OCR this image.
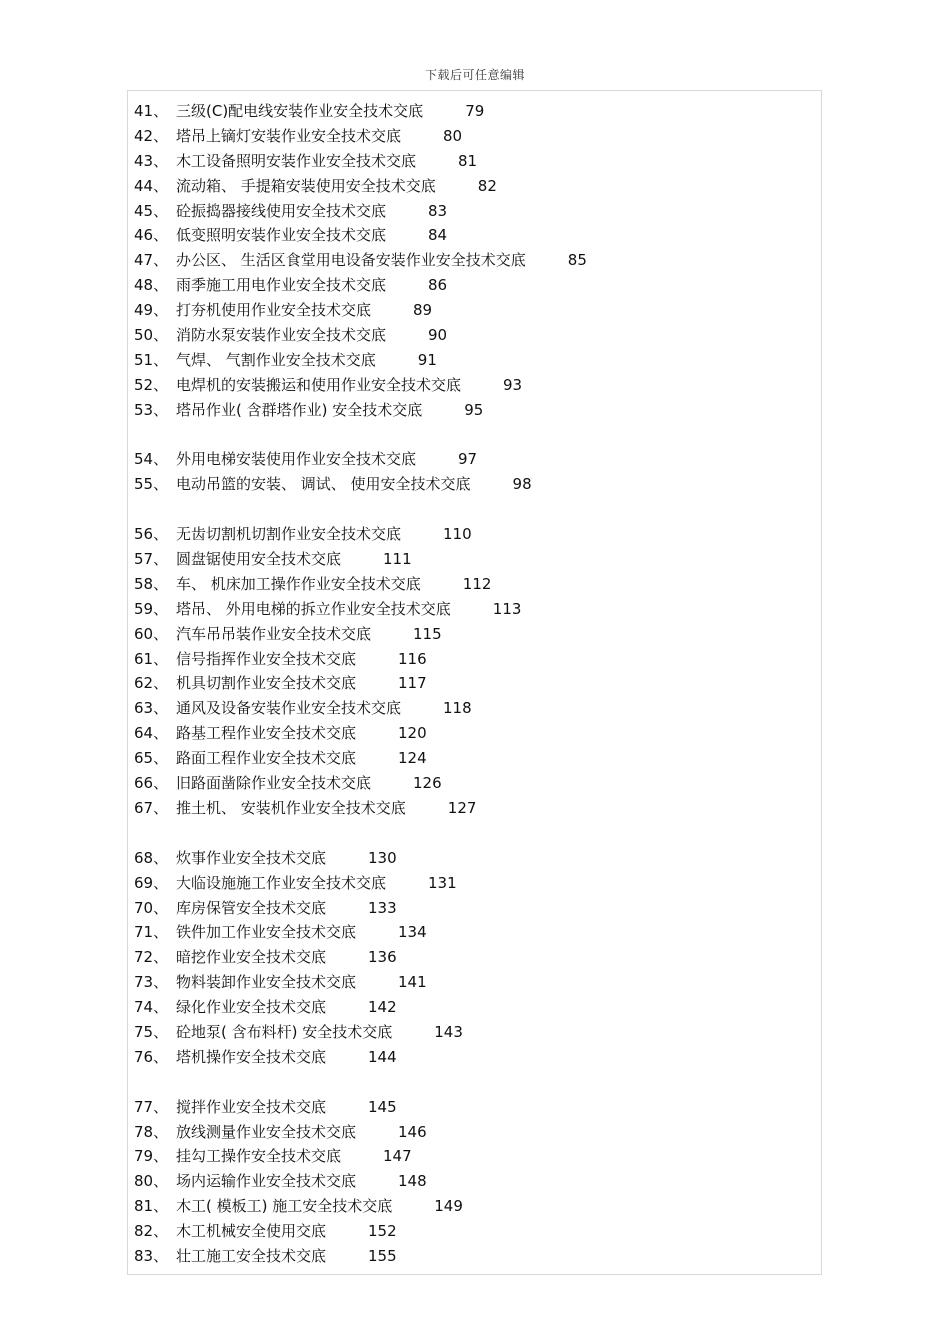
下载后可任意编辑
41、 三级(C)配电线安装作业安全技术交底	79
42、 塔吊上镝灯安装作业安全技术交底	80
43、 木工设备照明安装作业安全技术交底	81
44、 流动箱、 手提箱安装使用安全技术交底	82
45、 砼振捣器接线使用安全技术交底	83
46、 低变照明安装作业安全技术交底	84
47、 办公区、 生活区食堂用电设备安装作业安全技术交底	85
48、 雨季施工用电作业安全技术交底	86
49、 打夯机使用作业安全技术交底	89
50、 消防水泵安装作业安全技术交底	90
51、 气焊、 气割作业安全技术交底	91
52、 电焊机的安装搬运和使用作业安全技术交底	93
53、 塔吊作业( 含群塔作业) 安全技术交底	95
54、 外用电梯安装使用作业安全技术交底	97
55、 电动吊篮的安装、 调试、 使用安全技术交底	98
56、 无齿切割机切割作业安全技术交底	110
57、 圆盘锯使用安全技术交底	111
58、 车、 机床加工操作作业安全技术交底	112
59、 塔吊、 外用电梯的拆立作业安全技术交底	113
60、 汽车吊吊装作业安全技术交底	115
61、 信号指挥作业安全技术交底	116
62、 机具切割作业安全技术交底	117
63、 通风及设备安装作业安全技术交底	118
64、 路基工程作业安全技术交底	120
65、 路面工程作业安全技术交底	124
66、 旧路面凿除作业安全技术交底	126
67、 推土机、 安装机作业安全技术交底	127
68、 炊事作业安全技术交底	130
69、 大临设施施工作业安全技术交底	131
70、 库房保管安全技术交底	133
71、 铁件加工作业安全技术交底	134
72、 暗挖作业安全技术交底	136
73、 物料装卸作业安全技术交底	141
74、 绿化作业安全技术交底	142
75、 砼地泵( 含布料杆) 安全技术交底	143
76、 塔机操作安全技术交底	144
77、 搅拌作业安全技术交底	145
78、 放线测量作业安全技术交底	146
79、 挂勾工操作安全技术交底	147
80、 场内运输作业安全技术交底	148
81、 木工( 模板工) 施工安全技术交底	149
82、 木工机械安全使用交底	152
83、 壮工施工安全技术交底	155
